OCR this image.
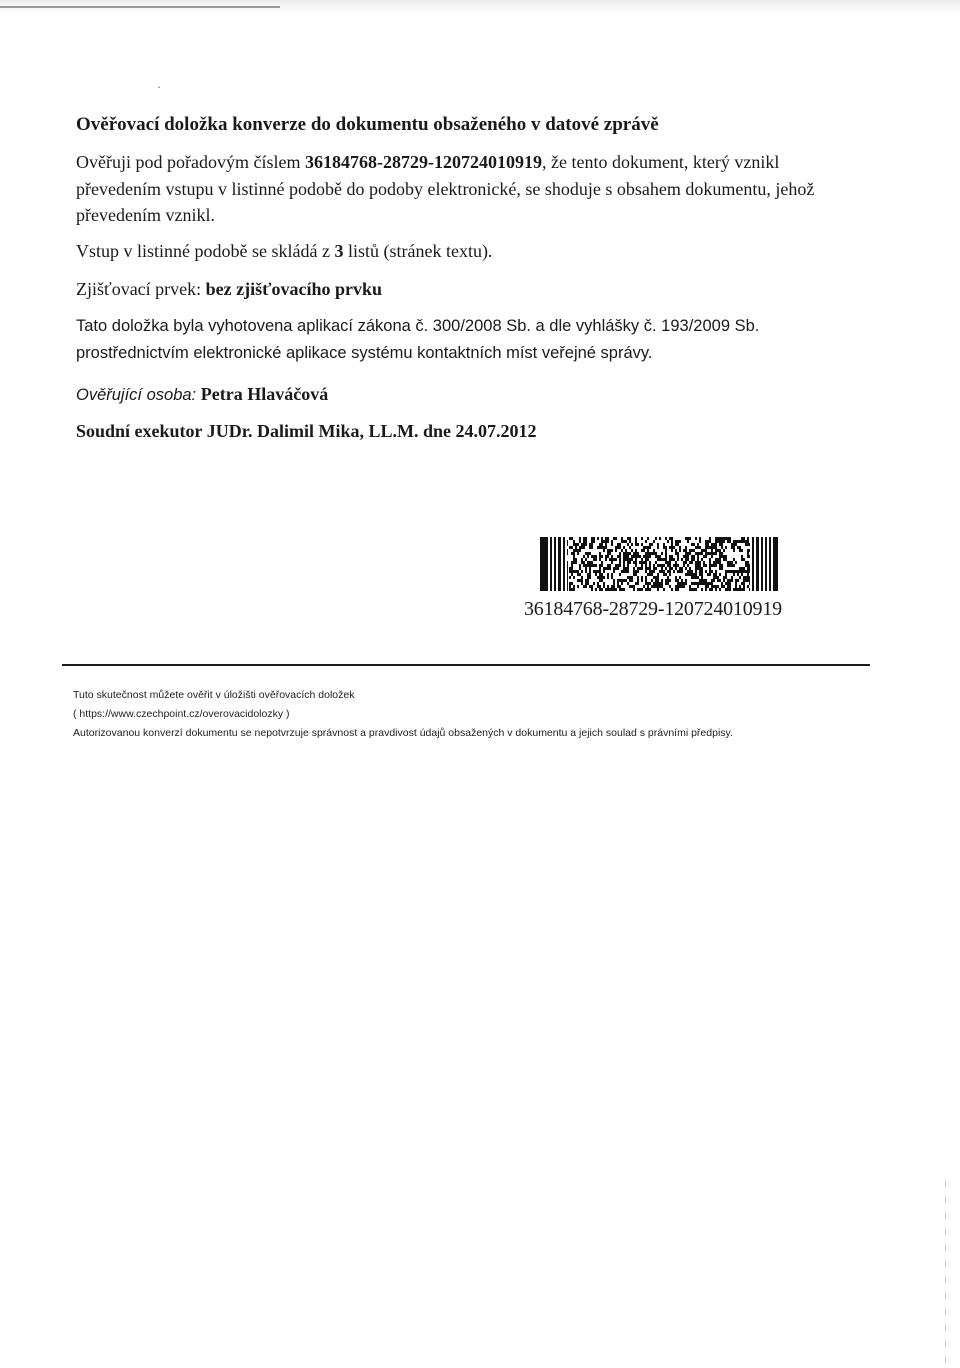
·
Ověřovací doložka konverze do dokumentu obsaženého v datové zprávě

Ověřuji pod pořadovým číslem 36184768-28729-120724010919, že tento dokument, který vznikl převedením vstupu v listinné podobě do podoby elektronické, se shoduje s obsahem dokumentu, jehož převedením vznikl.

Vstup v listinné podobě se skládá z 3 listů (stránek textu).

Zjišťovací prvek: bez zjišťovacího prvku

Tato doložka byla vyhotovena aplikací zákona č. 300/2008 Sb. a dle vyhlášky č. 193/2009 Sb. prostřednictvím elektronické aplikace systému kontaktních míst veřejné správy.

Ověřující osoba: Petra Hlaváčová

Soudní exekutor JUDr. Dalimil Mika, LL.M. dne 24.07.2012

36184768-28729-120724010919

Tuto skutečnost můžete ověřit v úložišti ověřovacích doložek

( https://www.czechpoint.cz/overovacidolozky )

Autorizovanou konverzí dokumentu se nepotvrzuje správnost a pravdivost údajů obsažených v dokumentu a jejich soulad s právními předpisy.
